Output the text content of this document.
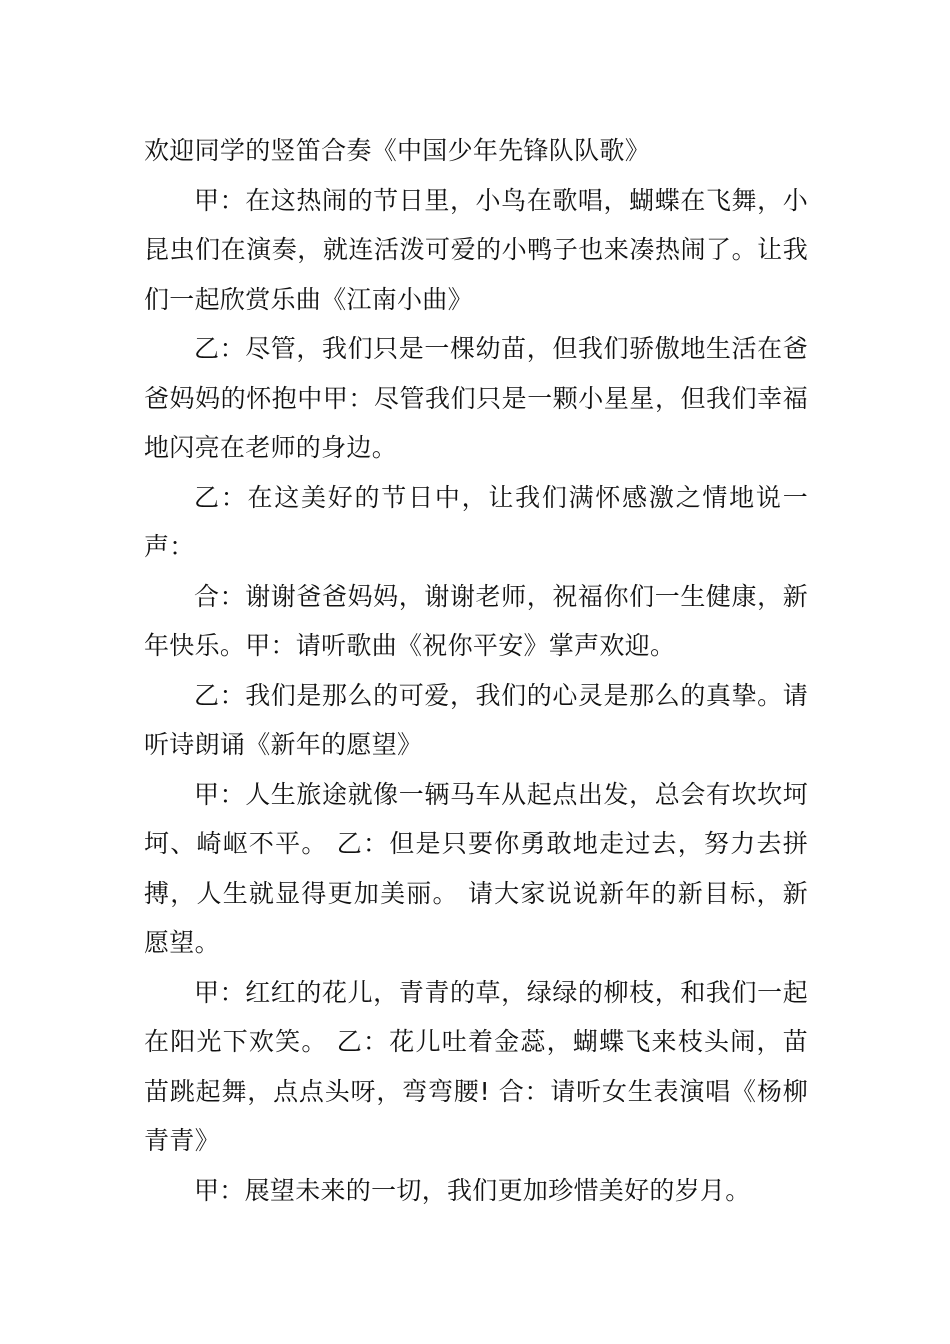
欢迎同学的竖笛合奏《中国少年先锋队队歌》

甲：在这热闹的节日里，小鸟在歌唱，蝴蝶在飞舞，小昆虫们在演奏，就连活泼可爱的小鸭子也来凑热闹了。让我们一起欣赏乐曲《江南小曲》

乙：尽管，我们只是一棵幼苗，但我们骄傲地生活在爸爸妈妈的怀抱中甲：尽管我们只是一颗小星星，但我们幸福地闪亮在老师的身边。

乙：在这美好的节日中，让我们满怀感激之情地说一声：

合：谢谢爸爸妈妈，谢谢老师，祝福你们一生健康，新年快乐。甲：请听歌曲《祝你平安》掌声欢迎。

乙：我们是那么的可爱，我们的心灵是那么的真挚。请听诗朗诵《新年的愿望》

甲：人生旅途就像一辆马车从起点出发，总会有坎坎坷坷、崎岖不平。 乙：但是只要你勇敢地走过去，努力去拼搏，人生就显得更加美丽。 请大家说说新年的新目标，新愿望。

甲：红红的花儿，青青的草，绿绿的柳枝，和我们一起在阳光下欢笑。 乙：花儿吐着金蕊，蝴蝶飞来枝头闹，苗苗跳起舞，点点头呀，弯弯腰! 合：请听女生表演唱《杨柳青青》

甲：展望未来的一切，我们更加珍惜美好的岁月。
